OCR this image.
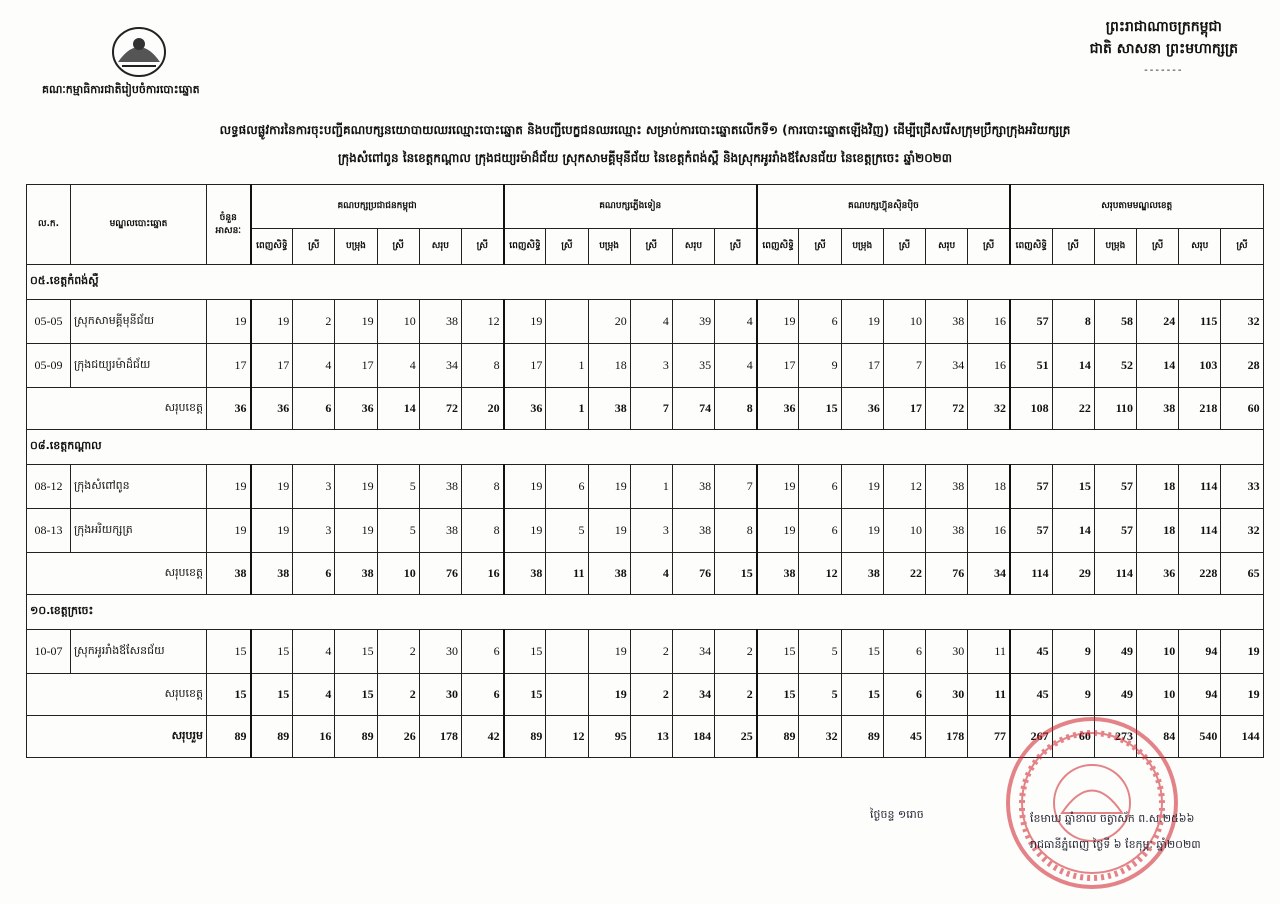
គណៈកម្មាធិការជាតិរៀបចំការបោះឆ្នោត
ព្រះរាជាណាចក្រកម្ពុជា
ជាតិ សាសនា ព្រះមហាក្សត្រ
-------
លទ្ធផលផ្លូវការនៃការចុះបញ្ជីគណបក្សនយោបាយឈរឈ្មោះបោះឆ្នោត និងបញ្ជីបេក្ខជនឈរឈ្មោះ សម្រាប់ការបោះឆ្នោតលើកទី១ (ការបោះឆ្នោតឡើងវិញ) ដើម្បីជ្រើសរើសក្រុមប្រឹក្សាក្រុងអរិយក្សត្រ
ក្រុងសំពៅពូន នៃខេត្តកណ្ដាល ក្រុងជយ្យរម៉ាដ៏ជ័យ ស្រុកសាមគ្គីមុនីជ័យ នៃខេត្តកំពង់ស្ពឺ និងស្រុកអូររាំងឪសែនជ័យ នៃខេត្តក្រចេះ ឆ្នាំ២០២៣
ល.ក.	មណ្ឌលបោះឆ្នោត	ចំនួន
អាសនៈ	គណបក្សប្រជាជនកម្ពុជា						គណបក្សភ្លើងទៀន						គណបក្សហ៊្វុនស៊ិនប៉ិច						សរុបតាមមណ្ឌលខេត្ត					
			ពេញសិទ្ធិ	ស្រី	បម្រុង	ស្រី	សរុប	ស្រី	ពេញសិទ្ធិ	ស្រី	បម្រុង	ស្រី	សរុប	ស្រី	ពេញសិទ្ធិ	ស្រី	បម្រុង	ស្រី	សរុប	ស្រី	ពេញសិទ្ធិ	ស្រី	បម្រុង	ស្រី	សរុប	ស្រី
០៥.ខេត្តកំពង់ស្ពឺ																										
05-05	ស្រុកសាមគ្គីមុនីជ័យ	19	19	2	19	10	38	12	19		20	4	39	4	19	6	19	10	38	16	57	8	58	24	115	32
05-09	ក្រុងជយ្យរម៉ាដ៏ជ័យ	17	17	4	17	4	34	8	17	1	18	3	35	4	17	9	17	7	34	16	51	14	52	14	103	28
សរុបខេត្ត		36	36	6	36	14	72	20	36	1	38	7	74	8	36	15	36	17	72	32	108	22	110	38	218	60
០៨.ខេត្តកណ្ដាល																										
08-12	ក្រុងសំពៅពូន	19	19	3	19	5	38	8	19	6	19	1	38	7	19	6	19	12	38	18	57	15	57	18	114	33
08-13	ក្រុងអរិយក្សត្រ	19	19	3	19	5	38	8	19	5	19	3	38	8	19	6	19	10	38	16	57	14	57	18	114	32
សរុបខេត្ត		38	38	6	38	10	76	16	38	11	38	4	76	15	38	12	38	22	76	34	114	29	114	36	228	65
១០.ខេត្តក្រចេះ																										
10-07	ស្រុកអូររាំងឪសែនជ័យ	15	15	4	15	2	30	6	15		19	2	34	2	15	5	15	6	30	11	45	9	49	10	94	19
សរុបខេត្ត		15	15	4	15	2	30	6	15		19	2	34	2	15	5	15	6	30	11	45	9	49	10	94	19
សរុបរួម		89	89	16	89	26	178	42	89	12	95	13	184	25	89	32	89	45	178	77	267	60	273	84	540	144
ថ្ងៃចន្ទ ១រោច	ខែមាឃ ឆ្នាំខាល ចត្វាស័ក ព.ស.២៥៦៦
រាជធានីភ្នំពេញ ថ្ងៃទី ៦ ខែកុម្ភៈ ឆ្នាំ២០២៣
